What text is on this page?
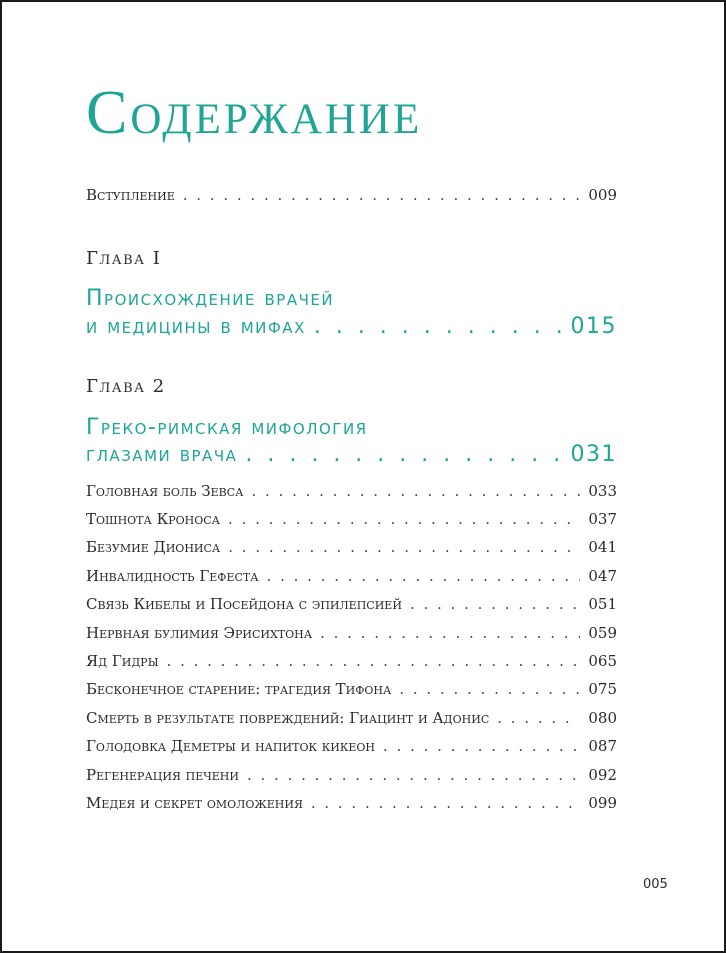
Содержание
Вступление . . .	009
Глава I
Происхождение врачей
и медицины в мифах . . .	015
Глава 2
Греко-римская мифология
глазами врача . . .	031
Головная боль Зевса . . .	033
Тошнота Кроноса . . .	037
Безумие Диониса . . .	041
Инвалидность Гефеста . . .	047
Связь Кибелы и Посейдона с эпилепсией . . .	051
Нервная булимия Эрисихтона . . .	059
Яд Гидры . . .	065
Бесконечное старение: трагедия Тифона . . .	075
Смерть в результате повреждений: Гиацинт и Адонис . . .	080
Голодовка Деметры и напиток кикеон . . .	087
Регенерация печени . . .	092
Медея и секрет омоложения . . .	099
005
